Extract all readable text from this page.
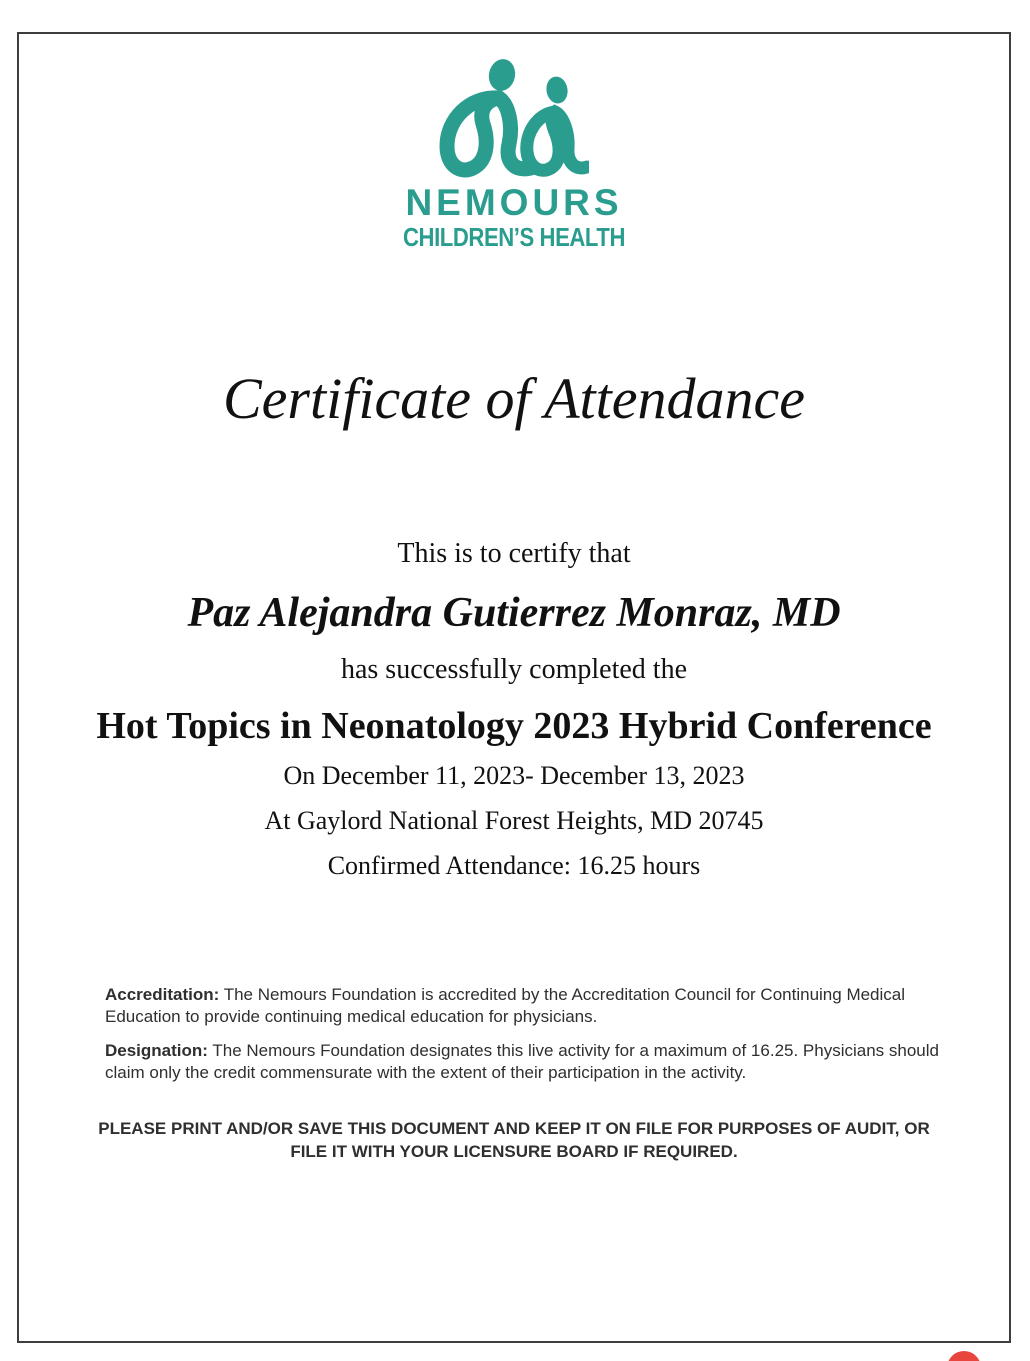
NEMOURS
CHILDREN’S HEALTH
Certificate of Attendance

This is to certify that

Paz Alejandra Gutierrez Monraz, MD

has successfully completed the

Hot Topics in Neonatology 2023 Hybrid Conference

On December 11, 2023- December 13, 2023

At Gaylord National Forest Heights, MD 20745

Confirmed Attendance: 16.25 hours

Accreditation: The Nemours Foundation is accredited by the Accreditation Council for Continuing Medical Education to provide continuing medical education for physicians.

Designation: The Nemours Foundation designates this live activity for a maximum of 16.25. Physicians should claim only the credit commensurate with the extent of their participation in the activity.

PLEASE PRINT AND/OR SAVE THIS DOCUMENT AND KEEP IT ON FILE FOR PURPOSES OF AUDIT, OR FILE IT WITH YOUR LICENSURE BOARD IF REQUIRED.
